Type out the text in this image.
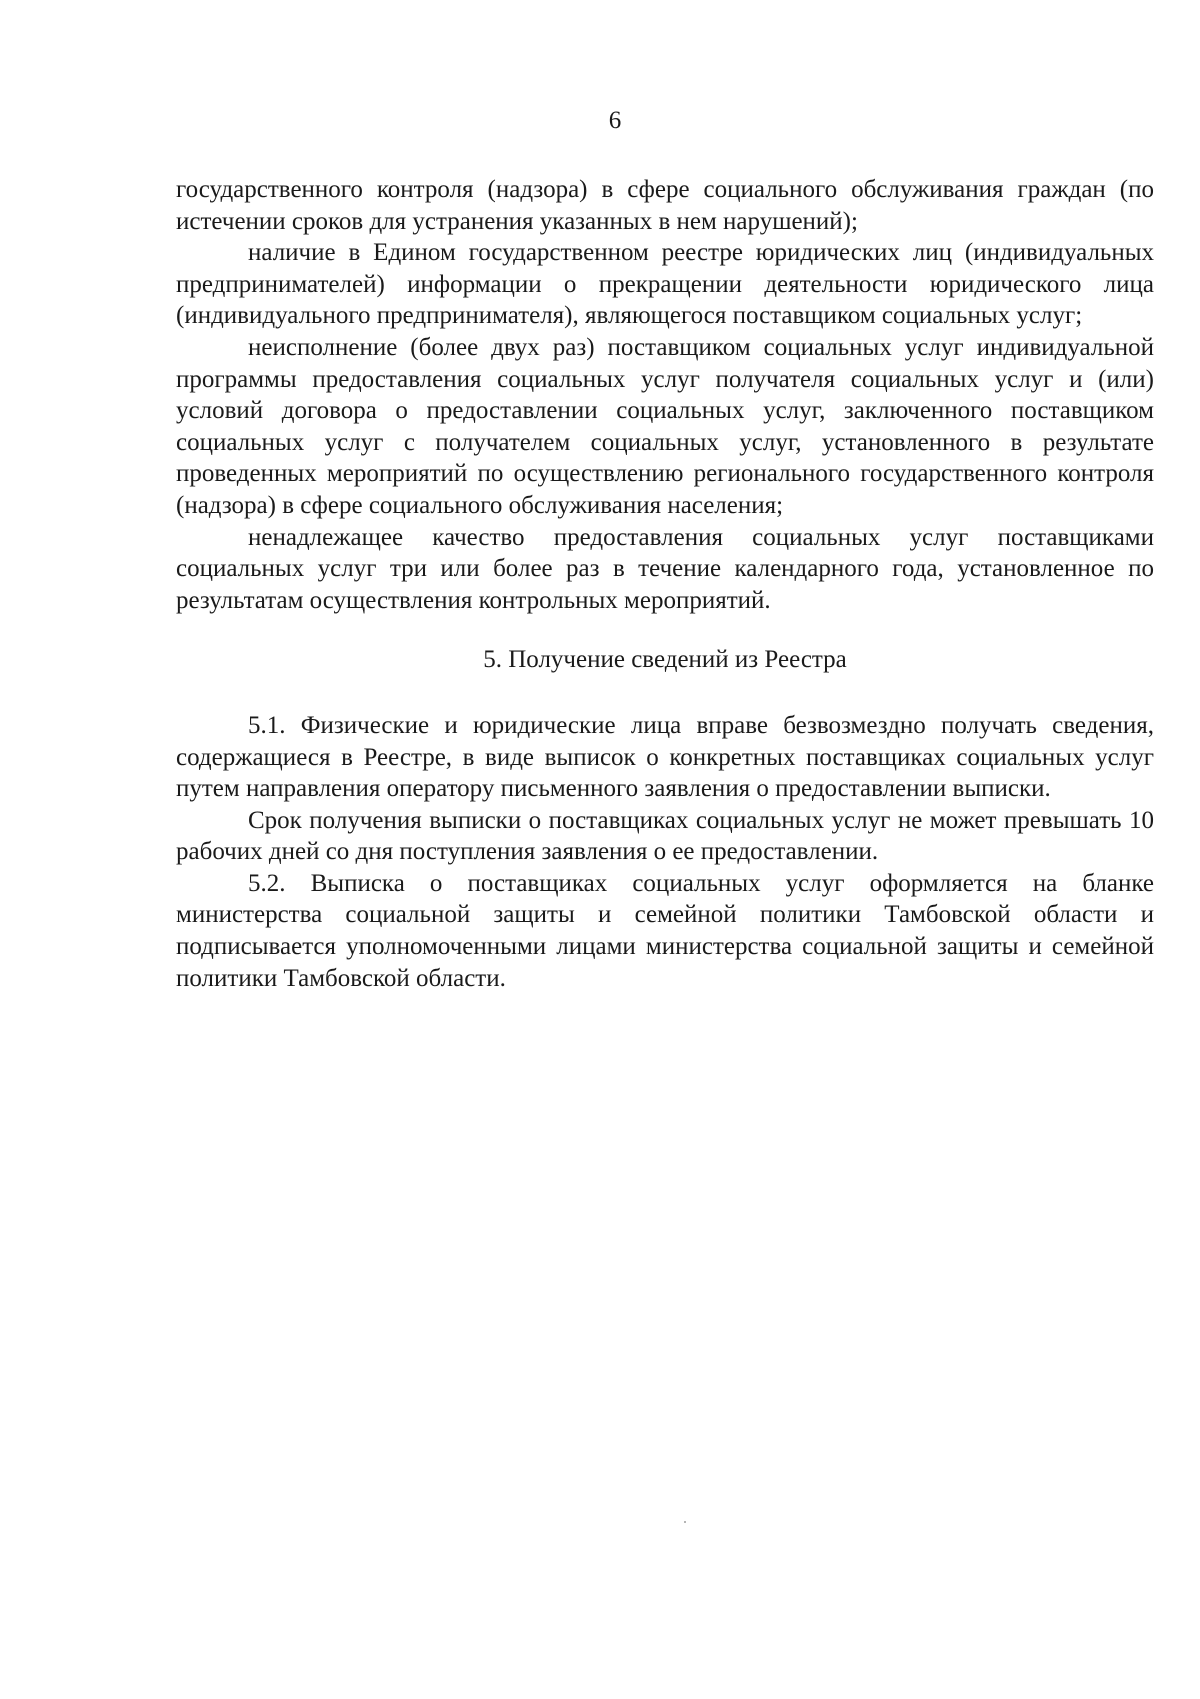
6

государственного контроля (надзора) в сфере социального обслуживания граждан (по истечении сроков для устранения указанных в нем нарушений);

наличие в Едином государственном реестре юридических лиц (индивидуальных предпринимателей) информации о прекращении деятельности юридического лица (индивидуального предпринимателя), являющегося поставщиком социальных услуг;

неисполнение (более двух раз) поставщиком социальных услуг индивидуальной программы предоставления социальных услуг получателя социальных услуг и (или) условий договора о предоставлении социальных услуг, заключенного поставщиком социальных услуг с получателем социальных услуг, установленного в результате проведенных мероприятий по осуществлению регионального государственного контроля (надзора) в сфере социального обслуживания населения;

ненадлежащее качество предоставления социальных услуг поставщиками социальных услуг три или более раз в течение календарного года, установленное по результатам осуществления контрольных мероприятий.

5. Получение сведений из Реестра

5.1. Физические и юридические лица вправе безвозмездно получать сведения, содержащиеся в Реестре, в виде выписок о конкретных поставщиках социальных услуг путем направления оператору письменного заявления о предоставлении выписки.

Срок получения выписки о поставщиках социальных услуг не может превышать 10 рабочих дней со дня поступления заявления о ее предоставлении.

5.2. Выписка о поставщиках социальных услуг оформляется на бланке министерства социальной защиты и семейной политики Тамбовской области и подписывается уполномоченными лицами министерства социальной защиты и семейной политики Тамбовской области.
